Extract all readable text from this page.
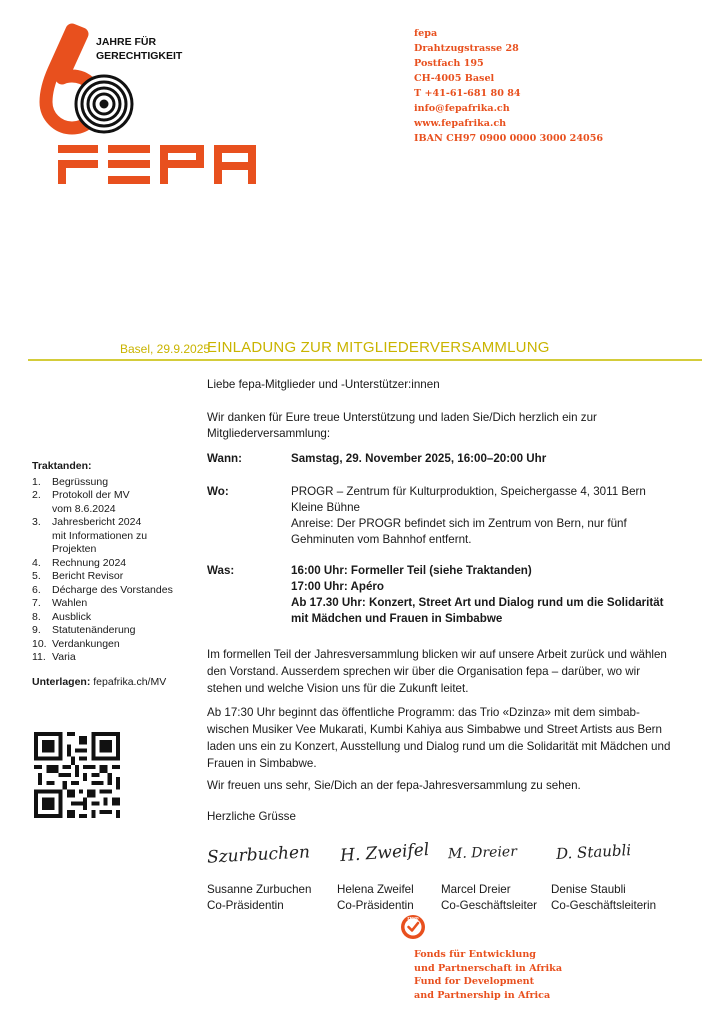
JAHRE FÜR
GERECHTIGKEIT
fepa
Drahtzugstrasse 28
Postfach 195
CH-4005 Basel
T +41-61-681 80 84
info@fepafrika.ch
www.fepafrika.ch
IBAN CH97 0900 0000 3000 24056
Basel, 29.9.2025
EINLADUNG ZUR MITGLIEDERVERSAMMLUNG
Liebe fepa-Mitglieder und -Unterstützer:innen
Wir danken für Eure treue Unterstützung und laden Sie/Dich herzlich ein zur
Mitgliederversammlung:
Wann:	Samstag, 29. November 2025, 16:00–20:00 Uhr
Wo:	PROGR – Zentrum für Kulturproduktion, Speichergasse 4, 3011 Bern
Kleine Bühne
Anreise: Der PROGR befindet sich im Zentrum von Bern, nur fünf
Gehminuten vom Bahnhof entfernt.
Was:	16:00 Uhr: Formeller Teil (siehe Traktanden)
17:00 Uhr: Apéro
Ab 17.30 Uhr: Konzert, Street Art und Dialog rund um die Solidarität
mit Mädchen und Frauen in Simbabwe
Im formellen Teil der Jahresversammlung blicken wir auf unsere Arbeit zurück und wählen
den Vorstand. Ausserdem sprechen wir über die Organisation fepa – darüber, wo wir
stehen und welche Vision uns für die Zukunft leitet.
Ab 17:30 Uhr beginnt das öffentliche Programm: das Trio «Dzinza» mit dem simbab-
wischen Musiker Vee Mukarati, Kumbi Kahiya aus Simbabwe und Street Artists aus Bern
laden uns ein zu Konzert, Ausstellung und Dialog rund um die Solidarität mit Mädchen und
Frauen in Simbabwe.
Wir freuen uns sehr, Sie/Dich an der fepa-Jahresversammlung zu sehen.
Herzliche Grüsse
Traktanden:
1. Begrüssung
2. Protokoll der MV
vom 8.6.2024
3. Jahresbericht 2024
mit Informationen zu
Projekten
4. Rechnung 2024
5. Bericht Revisor
6. Décharge des Vorstandes
7. Wahlen
8. Ausblick
9. Statutenänderung
10. Verdankungen
11. Varia
Unterlagen: fepafrika.ch/MV
Szurbuchen H. Zweifel M. Dreier	D. Staubli
Susanne Zurbuchen
Co-Präsidentin
Helena Zweifel
Co-Präsidentin
Marcel Dreier
Co-Geschäftsleiter
Denise Staubli
Co-Geschäftsleiterin
ZEWO
Fonds für Entwicklung
und Partnerschaft in Afrika
Fund for Development
and Partnership in Africa
